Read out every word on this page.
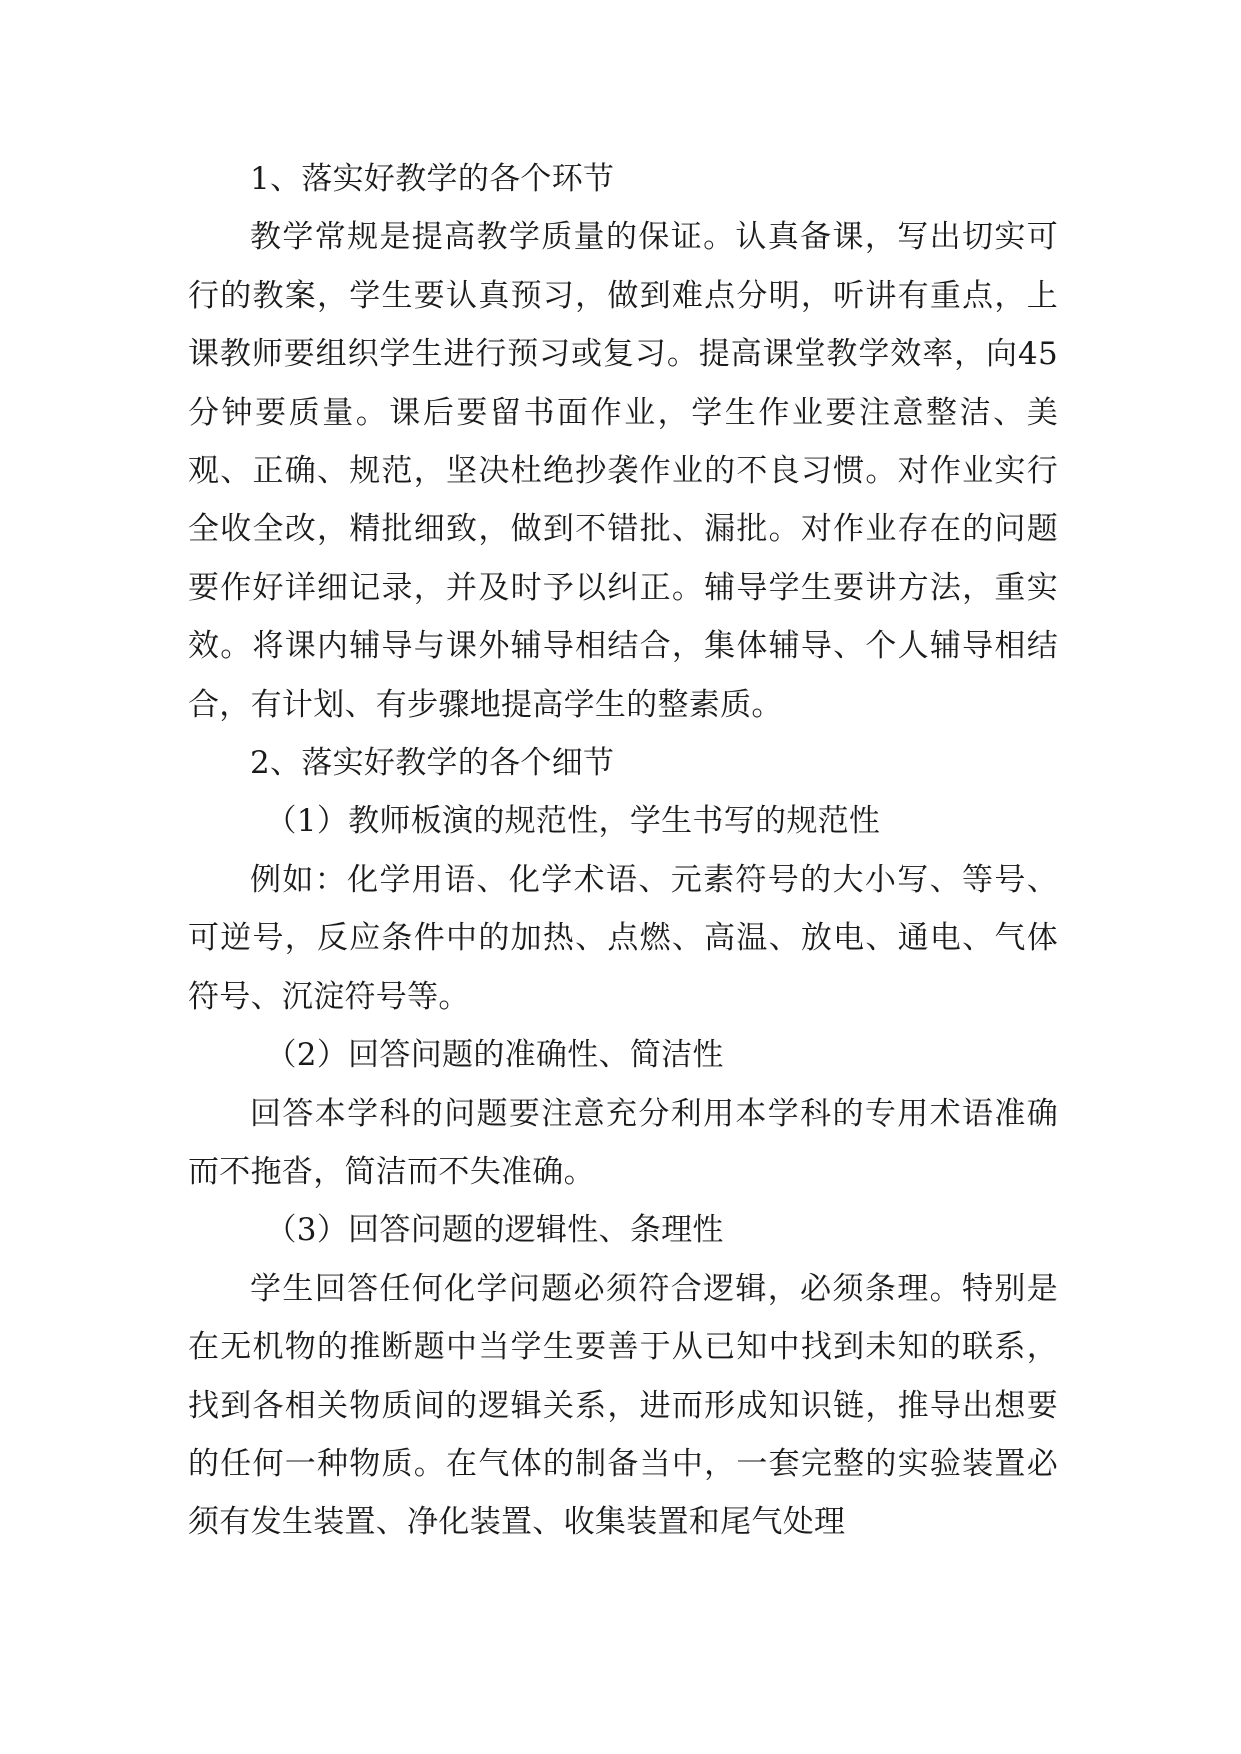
1、落实好教学的各个环节

教学常规是提高教学质量的保证。认真备课，写出切实可行的教案，学生要认真预习，做到难点分明，听讲有重点，上课教师要组织学生进行预习或复习。提高课堂教学效率，向45分钟要质量。课后要留书面作业，学生作业要注意整洁、美观、正确、规范，坚决杜绝抄袭作业的不良习惯。对作业实行全收全改，精批细致，做到不错批、漏批。对作业存在的问题要作好详细记录，并及时予以纠正。辅导学生要讲方法，重实效。将课内辅导与课外辅导相结合，集体辅导、个人辅导相结合，有计划、有步骤地提高学生的整素质。

2、落实好教学的各个细节

（1）教师板演的规范性，学生书写的规范性

例如：化学用语、化学术语、元素符号的大小写、等号、可逆号，反应条件中的加热、点燃、高温、放电、通电、气体符号、沉淀符号等。

（2）回答问题的准确性、简洁性

回答本学科的问题要注意充分利用本学科的专用术语准确而不拖沓，简洁而不失准确。

（3）回答问题的逻辑性、条理性

学生回答任何化学问题必须符合逻辑，必须条理。特别是在无机物的推断题中当学生要善于从已知中找到未知的联系，找到各相关物质间的逻辑关系，进而形成知识链，推导出想要的任何一种物质。在气体的制备当中，一套完整的实验装置必须有发生装置、净化装置、收集装置和尾气处理
